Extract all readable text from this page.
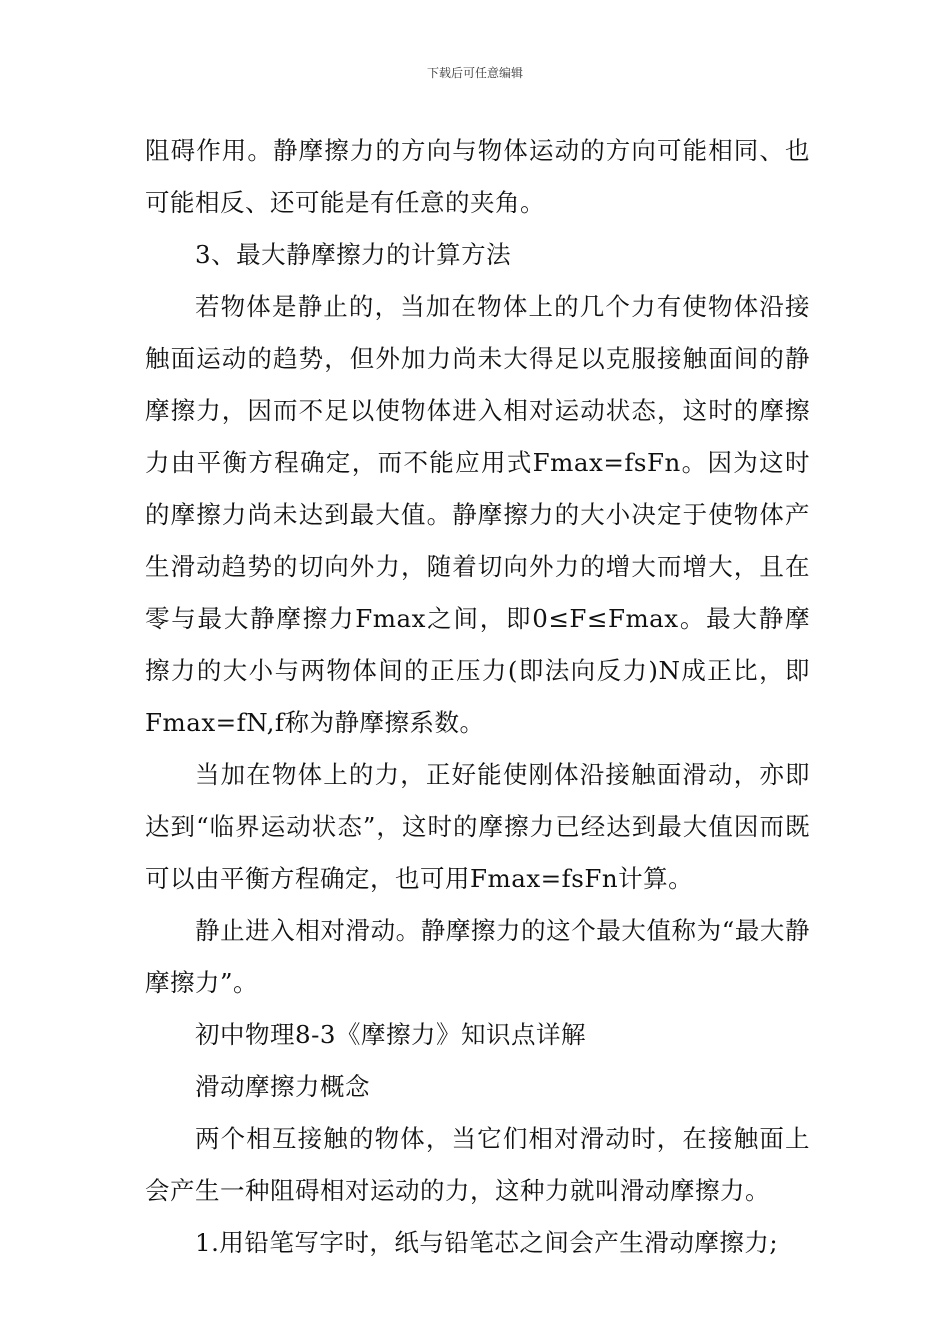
下载后可任意编辑

阻碍作用。静摩擦力的方向与物体运动的方向可能相同、也可能相反、还可能是有任意的夹角。

3、最大静摩擦力的计算方法

若物体是静止的，当加在物体上的几个力有使物体沿接触面运动的趋势，但外加力尚未大得足以克服接触面间的静摩擦力，因而不足以使物体进入相对运动状态，这时的摩擦力由平衡方程确定，而不能应用式Fmax=fsFn。因为这时的摩擦力尚未达到最大值。静摩擦力的大小决定于使物体产生滑动趋势的切向外力，随着切向外力的增大而增大，且在零与最大静摩擦力Fmax之间，即0≤F≤Fmax。最大静摩擦力的大小与两物体间的正压力(即法向反力)N成正比，即Fmax=fN,f称为静摩擦系数。

当加在物体上的力，正好能使刚体沿接触面滑动，亦即达到“临界运动状态”，这时的摩擦力已经达到最大值因而既可以由平衡方程确定，也可用Fmax=fsFn计算。

静止进入相对滑动。静摩擦力的这个最大值称为“最大静摩擦力”。

初中物理8-3《摩擦力》知识点详解

滑动摩擦力概念

两个相互接触的物体，当它们相对滑动时，在接触面上会产生一种阻碍相对运动的力，这种力就叫滑动摩擦力。

1.用铅笔写字时，纸与铅笔芯之间会产生滑动摩擦力;
